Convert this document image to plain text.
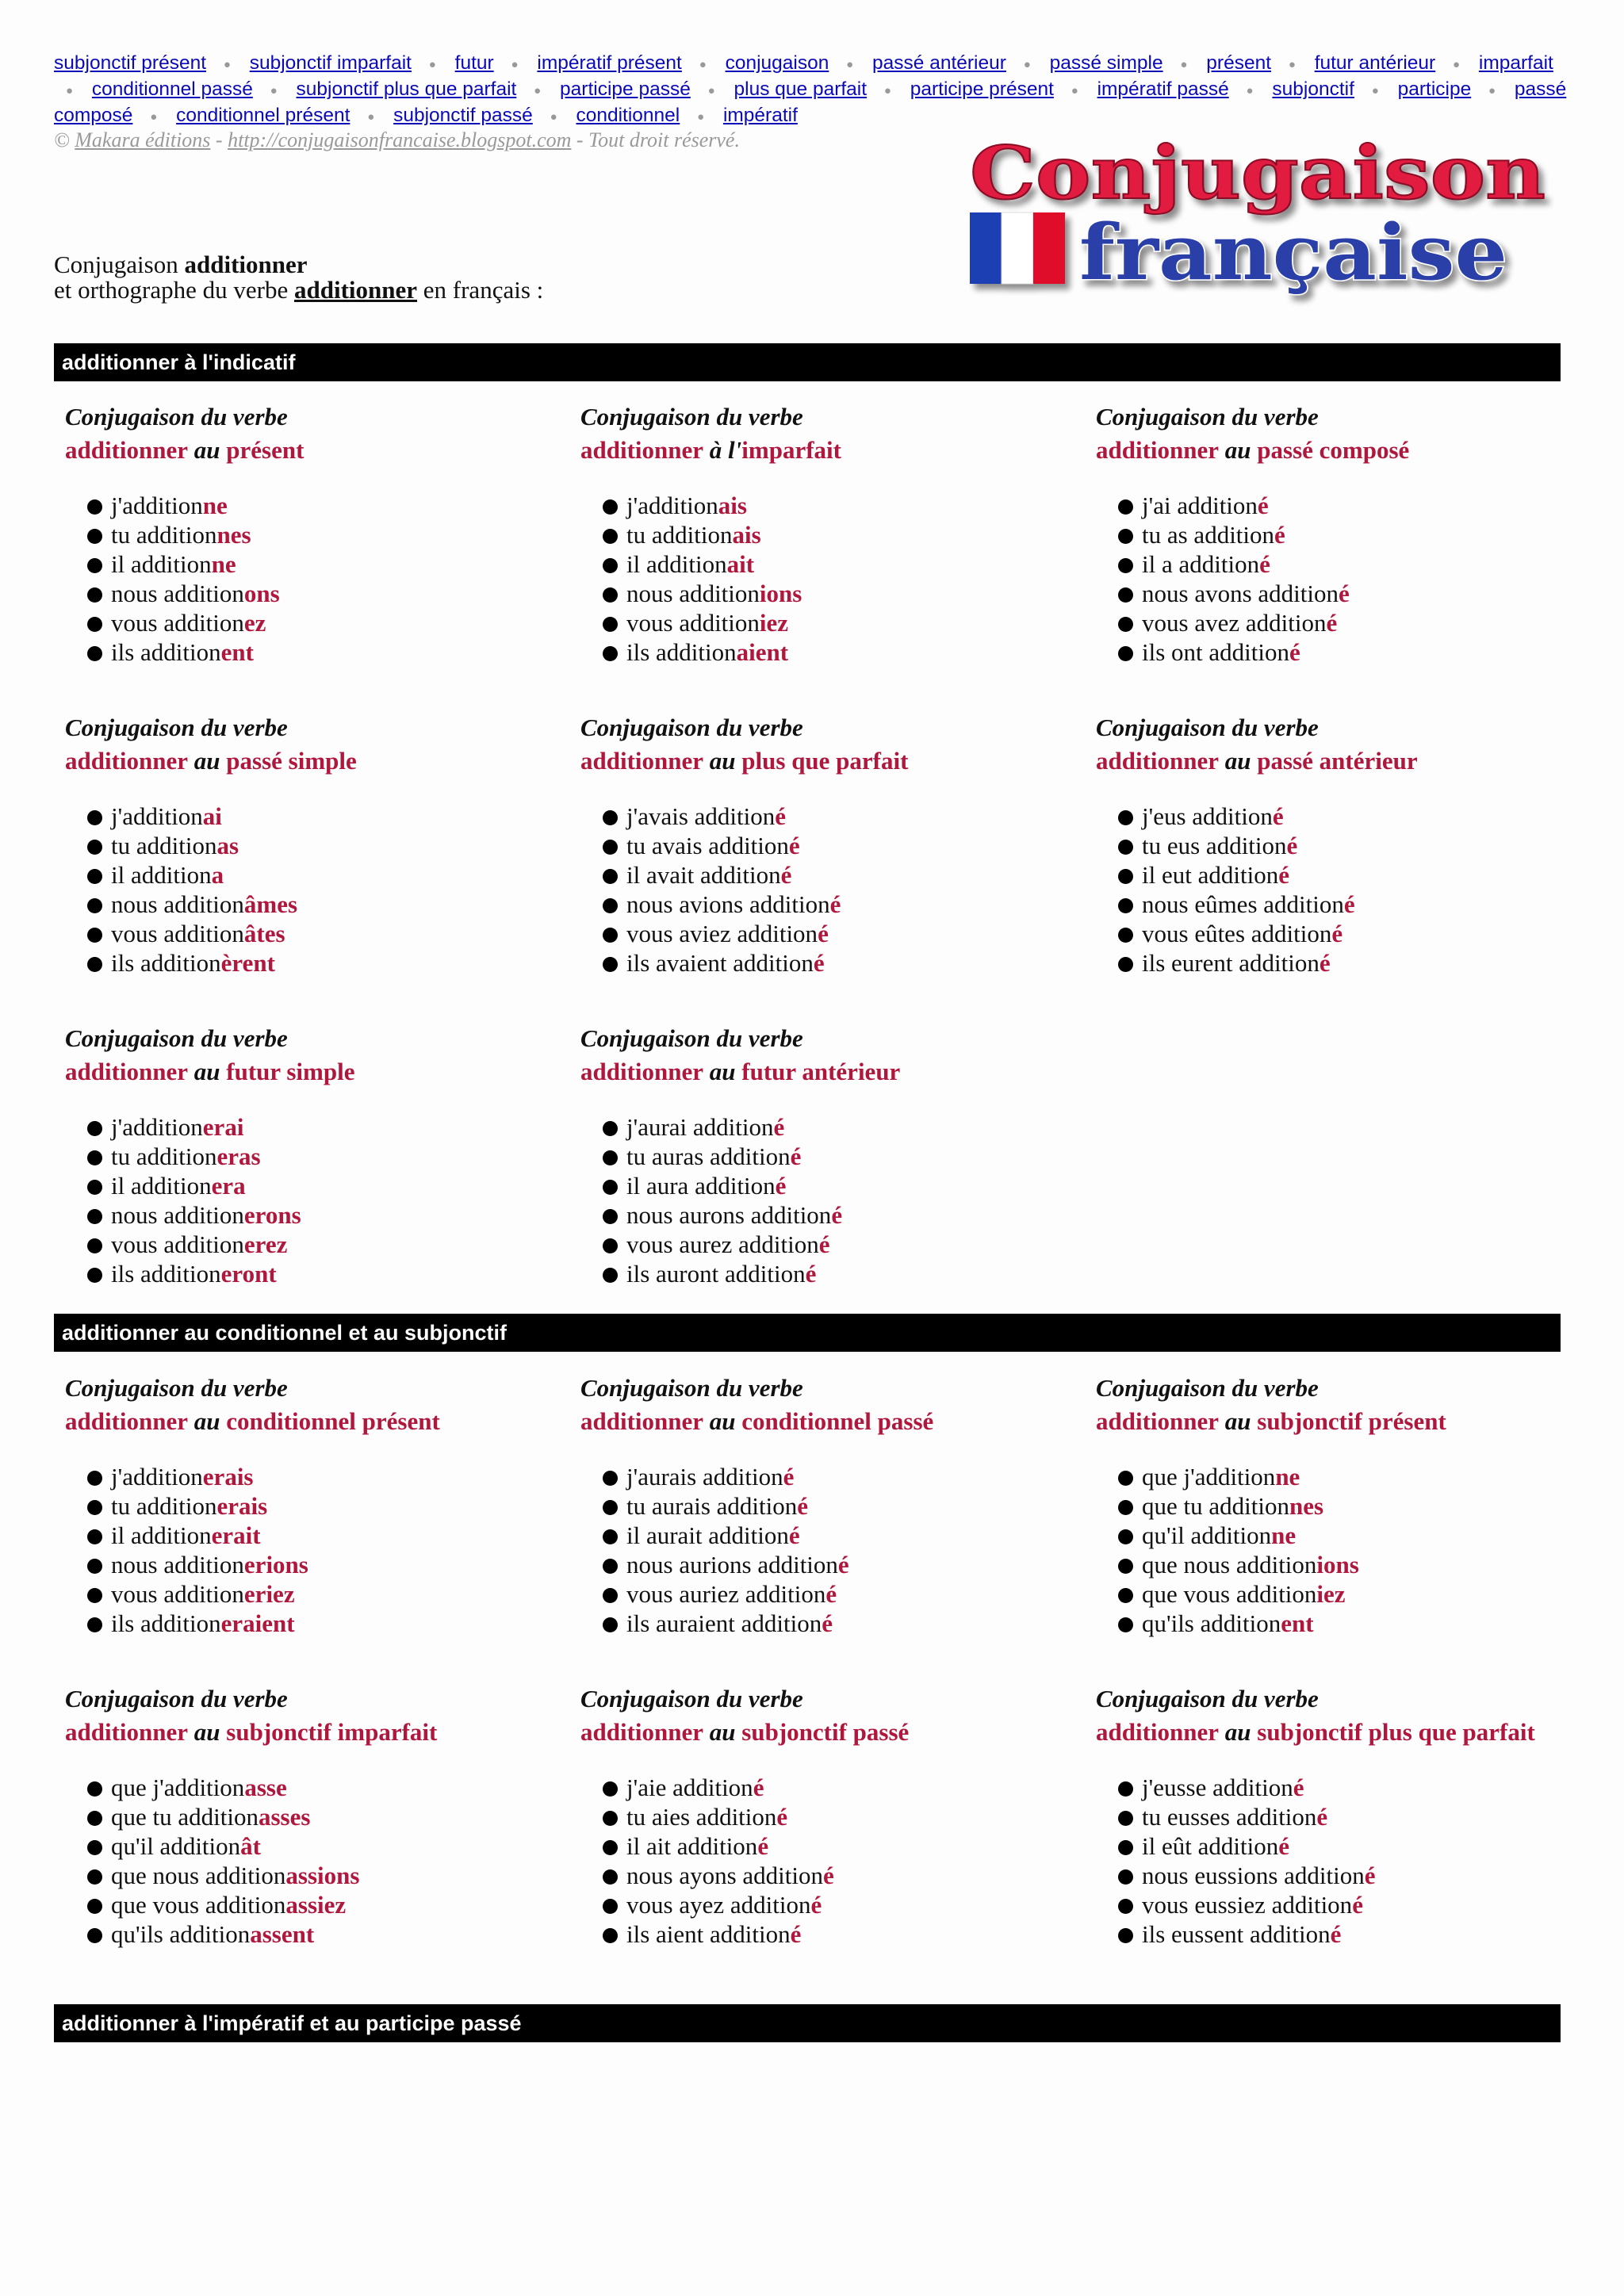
subjonctif présent ● subjonctif imparfait ● futur ● impératif présent ● conjugaison ● passé antérieur ● passé simple ● présent ● futur antérieur ● imparfait ● conditionnel passé ● subjonctif plus que parfait ● participe passé ● plus que parfait ● participe présent ● impératif passé ● subjonctif ● participe ● passé composé ● conditionnel présent ● subjonctif passé ● conditionnel ● impératif
© Makara éditions - http://conjugaisonfrancaise.blogspot.com - Tout droit réservé.	Conjugaison
française
Conjugaison additionner
et orthographe du verbe additionner en français :
additionner à l'indicatif
additionner au conditionnel et au subjonctif
additionner à l'impératif et au participe passé
Conjugaison du verbe
additionner au présent
j'additionne
tu additionnes
il additionne
nous additionons
vous additionez
ils additionent
Conjugaison du verbe
additionner à l'imparfait
j'additionais
tu additionais
il additionait
nous additionions
vous additioniez
ils additionaient
Conjugaison du verbe
additionner au passé composé
j'ai additioné
tu as additioné
il a additioné
nous avons additioné
vous avez additioné
ils ont additioné
Conjugaison du verbe
additionner au passé simple
j'additionai
tu additionas
il additiona
nous additionâmes
vous additionâtes
ils additionèrent
Conjugaison du verbe
additionner au plus que parfait
j'avais additioné
tu avais additioné
il avait additioné
nous avions additioné
vous aviez additioné
ils avaient additioné
Conjugaison du verbe
additionner au passé antérieur
j'eus additioné
tu eus additioné
il eut additioné
nous eûmes additioné
vous eûtes additioné
ils eurent additioné
Conjugaison du verbe
additionner au futur simple
j'additionerai
tu additioneras
il additionera
nous additionerons
vous additionerez
ils additioneront
Conjugaison du verbe
additionner au futur antérieur
j'aurai additioné
tu auras additioné
il aura additioné
nous aurons additioné
vous aurez additioné
ils auront additioné
Conjugaison du verbe
additionner au conditionnel présent
j'additionerais
tu additionerais
il additionerait
nous additionerions
vous additioneriez
ils additioneraient
Conjugaison du verbe
additionner au conditionnel passé
j'aurais additioné
tu aurais additioné
il aurait additioné
nous aurions additioné
vous auriez additioné
ils auraient additioné
Conjugaison du verbe
additionner au subjonctif présent
que j'additionne
que tu additionnes
qu'il additionne
que nous additionions
que vous additioniez
qu'ils additionent
Conjugaison du verbe
additionner au subjonctif imparfait
que j'additionasse
que tu additionasses
qu'il additionât
que nous additionassions
que vous additionassiez
qu'ils additionassent
Conjugaison du verbe
additionner au subjonctif passé
j'aie additioné
tu aies additioné
il ait additioné
nous ayons additioné
vous ayez additioné
ils aient additioné
Conjugaison du verbe
additionner au subjonctif plus que parfait
j'eusse additioné
tu eusses additioné
il eût additioné
nous eussions additioné
vous eussiez additioné
ils eussent additioné
